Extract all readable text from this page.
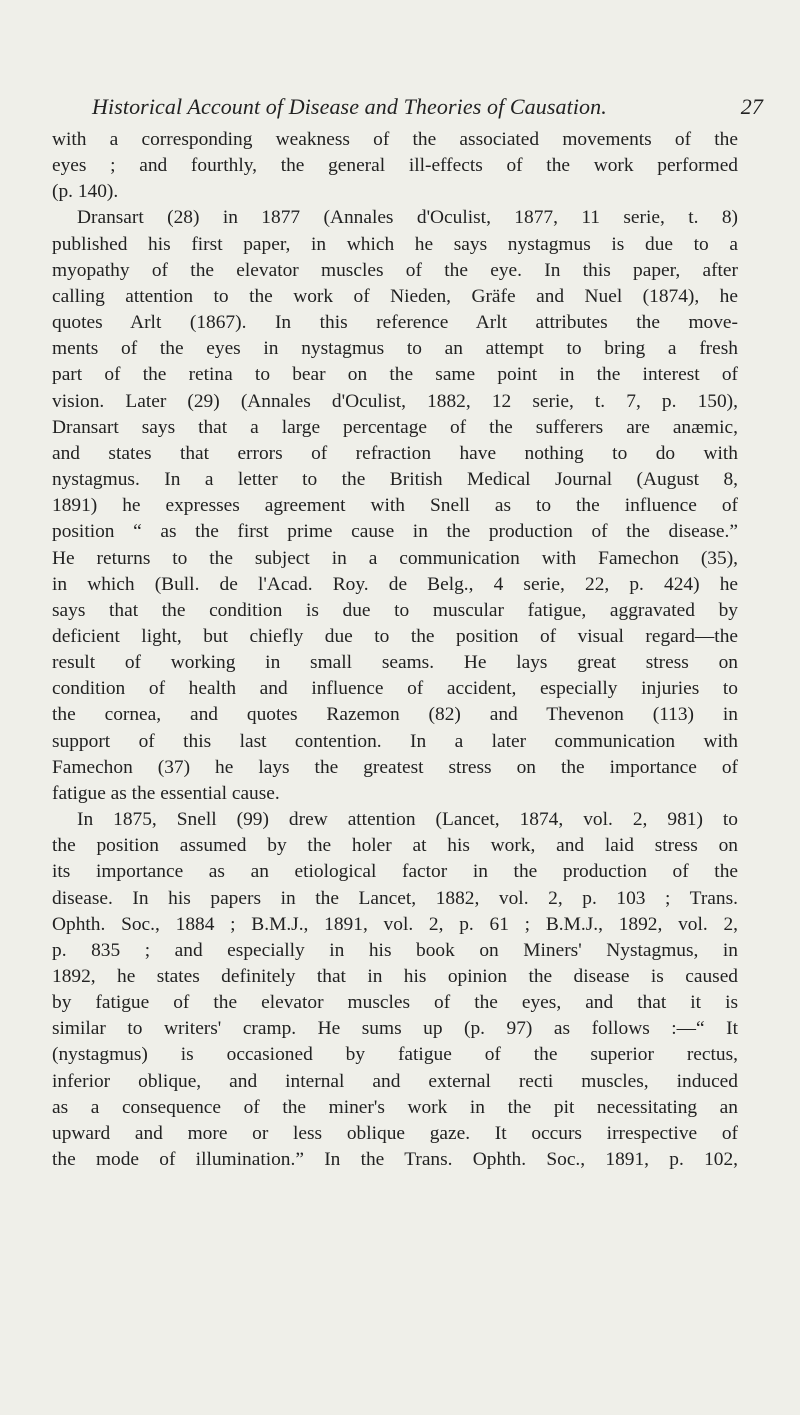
Historical Account of Disease and Theories of Causation.	27
with a corresponding weakness of the associated movements of the
eyes ; and fourthly, the general ill-effects of the work performed
(p. 140).
Dransart (28) in 1877 (Annales d'Oculist, 1877, 11 serie, t. 8)
published his first paper, in which he says nystagmus is due to a
myopathy of the elevator muscles of the eye. In this paper, after
calling attention to the work of Nieden, Gräfe and Nuel (1874), he
quotes Arlt (1867). In this reference Arlt attributes the move-
ments of the eyes in nystagmus to an attempt to bring a fresh
part of the retina to bear on the same point in the interest of
vision. Later (29) (Annales d'Oculist, 1882, 12 serie, t. 7, p. 150),
Dransart says that a large percentage of the sufferers are anæmic,
and states that errors of refraction have nothing to do with
nystagmus. In a letter to the British Medical Journal (August 8,
1891) he expresses agreement with Snell as to the influence of
position “ as the first prime cause in the production of the disease.”
He returns to the subject in a communication with Famechon (35),
in which (Bull. de l'Acad. Roy. de Belg., 4 serie, 22, p. 424) he
says that the condition is due to muscular fatigue, aggravated by
deficient light, but chiefly due to the position of visual regard—the
result of working in small seams. He lays great stress on
condition of health and influence of accident, especially injuries to
the cornea, and quotes Razemon (82) and Thevenon (113) in
support of this last contention. In a later communication with
Famechon (37) he lays the greatest stress on the importance of
fatigue as the essential cause.
In 1875, Snell (99) drew attention (Lancet, 1874, vol. 2, 981) to
the position assumed by the holer at his work, and laid stress on
its importance as an etiological factor in the production of the
disease. In his papers in the Lancet, 1882, vol. 2, p. 103 ; Trans.
Ophth. Soc., 1884 ; B.M.J., 1891, vol. 2, p. 61 ; B.M.J., 1892, vol. 2,
p. 835 ; and especially in his book on Miners' Nystagmus, in
1892, he states definitely that in his opinion the disease is caused
by fatigue of the elevator muscles of the eyes, and that it is
similar to writers' cramp. He sums up (p. 97) as follows :—“ It
(nystagmus) is occasioned by fatigue of the superior rectus,
inferior oblique, and internal and external recti muscles, induced
as a consequence of the miner's work in the pit necessitating an
upward and more or less oblique gaze. It occurs irrespective of
the mode of illumination.” In the Trans. Ophth. Soc., 1891, p. 102,
